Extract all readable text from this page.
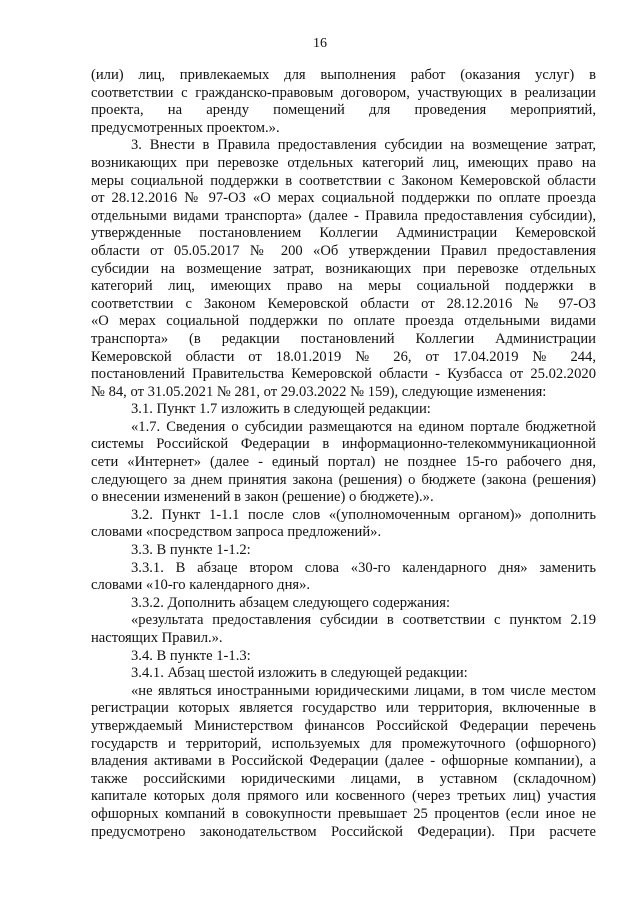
16

(или) лиц, привлекаемых для выполнения работ (оказания услуг) в

соответствии с гражданско-правовым договором, участвующих в реализации

проекта, на аренду помещений для проведения мероприятий,

предусмотренных проектом.».

3. Внести в Правила предоставления субсидии на возмещение затрат,

возникающих при перевозке отдельных категорий лиц, имеющих право на

меры социальной поддержки в соответствии с Законом Кемеровской области

от 28.12.2016 № 97-ОЗ «О мерах социальной поддержки по оплате проезда

отдельными видами транспорта» (далее - Правила предоставления субсидии),

утвержденные постановлением Коллегии Администрации Кемеровской

области от 05.05.2017 № 200 «Об утверждении Правил предоставления

субсидии на возмещение затрат, возникающих при перевозке отдельных

категорий лиц, имеющих право на меры социальной поддержки в

соответствии с Законом Кемеровской области от 28.12.2016 № 97-ОЗ

«О мерах социальной поддержки по оплате проезда отдельными видами

транспорта» (в редакции постановлений Коллегии Администрации

Кемеровской области от 18.01.2019 № 26, от 17.04.2019 № 244,

постановлений Правительства Кемеровской области - Кузбасса от 25.02.2020

№ 84, от 31.05.2021 № 281, от 29.03.2022 № 159), следующие изменения:

3.1. Пункт 1.7 изложить в следующей редакции:

«1.7. Сведения о субсидии размещаются на едином портале бюджетной

системы Российской Федерации в информационно-телекоммуникационной

сети «Интернет» (далее - единый портал) не позднее 15-го рабочего дня,

следующего за днем принятия закона (решения) о бюджете (закона (решения)

о внесении изменений в закон (решение) о бюджете).».

3.2. Пункт 1-1.1 после слов «(уполномоченным органом)» дополнить

словами «посредством запроса предложений».

3.3. В пункте 1-1.2:

3.3.1. В абзаце втором слова «30-го календарного дня» заменить

словами «10-го календарного дня».

3.3.2. Дополнить абзацем следующего содержания:

«результата предоставления субсидии в соответствии с пунктом 2.19

настоящих Правил.».

3.4. В пункте 1-1.3:

3.4.1. Абзац шестой изложить в следующей редакции:

«не являться иностранными юридическими лицами, в том числе местом

регистрации которых является государство или территория, включенные в

утверждаемый Министерством финансов Российской Федерации перечень

государств и территорий, используемых для промежуточного (офшорного)

владения активами в Российской Федерации (далее - офшорные компании), а

также российскими юридическими лицами, в уставном (складочном)

капитале которых доля прямого или косвенного (через третьих лиц) участия

офшорных компаний в совокупности превышает 25 процентов (если иное не

предусмотрено законодательством Российской Федерации). При расчете
